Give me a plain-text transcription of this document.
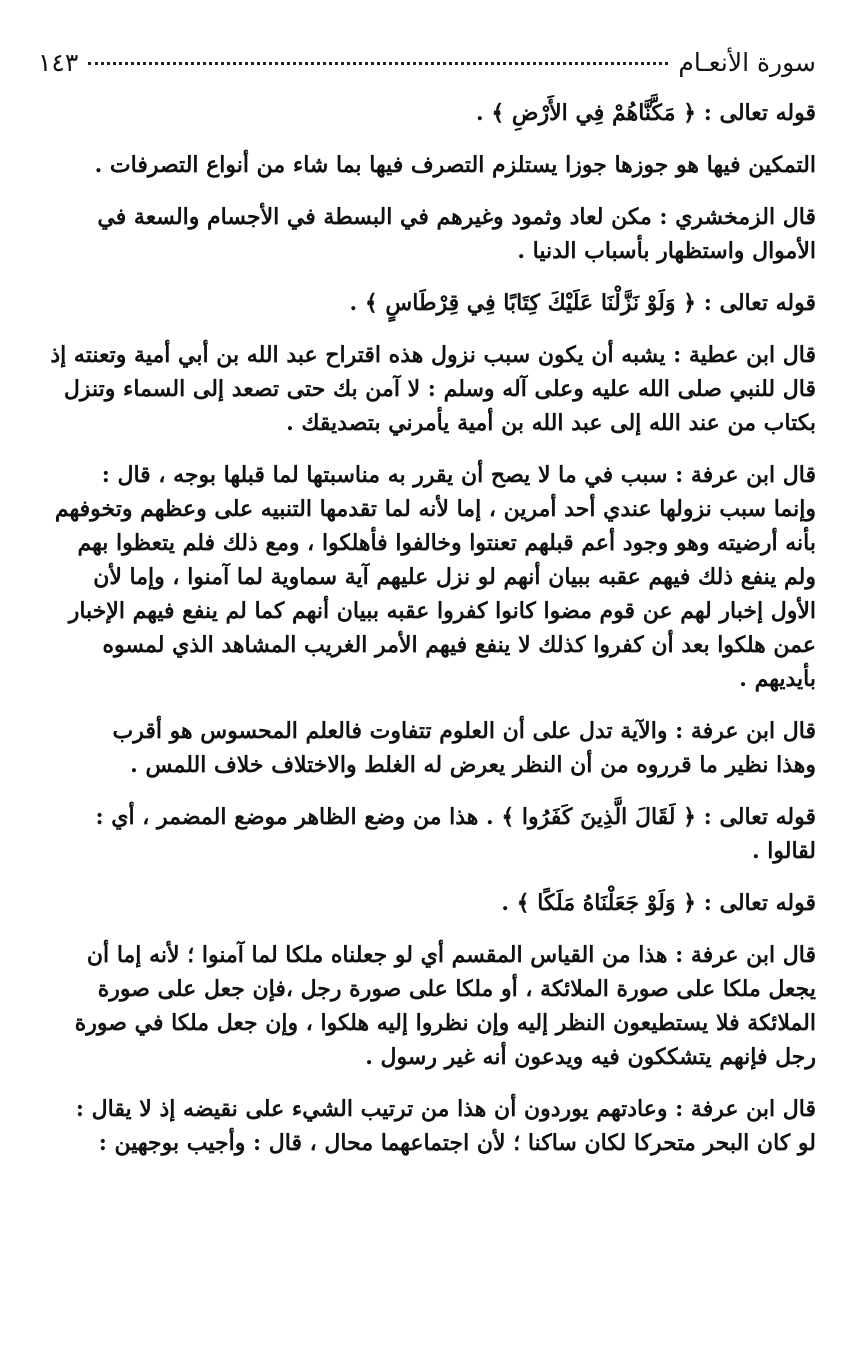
سورة الأنعـام
١٤٣
قوله تعالى : ﴿ مَكَّنَّاهُمْ فِي الأَرْضِ ﴾ .
التمكين فيها هو جوزها جوزا يستلزم التصرف فيها بما شاء من أنواع التصرفات .
قال الزمخشري : مكن لعاد وثمود وغيرهم في البسطة في الأجسام والسعة في
الأموال واستظهار بأسباب الدنيا .
قوله تعالى : ﴿ وَلَوْ نَزَّلْنَا عَلَيْكَ كِتَابًا فِي قِرْطَاسٍ ﴾ .
قال ابن عطية : يشبه أن يكون سبب نزول هذه اقتراح عبد الله بن أبي أمية وتعنته إذ
قال للنبي صلى الله عليه وعلى آله وسلم : لا آمن بك حتى تصعد إلى السماء وتنزل
بكتاب من عند الله إلى عبد الله بن أمية يأمرني بتصديقك .
قال ابن عرفة : سبب في ما لا يصح أن يقرر به مناسبتها لما قبلها بوجه ، قال :
وإنما سبب نزولها عندي أحد أمرين ، إما لأنه لما تقدمها التنبيه على وعظهم وتخوفهم
بأنه أرضيته وهو وجود أعم قبلهم تعنتوا وخالفوا فأهلكوا ، ومع ذلك فلم يتعظوا بهم
ولم ينفع ذلك فيهم عقبه ببيان أنهم لو نزل عليهم آية سماوية لما آمنوا ، وإما لأن
الأول إخبار لهم عن قوم مضوا كانوا كفروا عقبه ببيان أنهم كما لم ينفع فيهم الإخبار
عمن هلكوا بعد أن كفروا كذلك لا ينفع فيهم الأمر الغريب المشاهد الذي لمسوه
بأيديهم .
قال ابن عرفة : والآية تدل على أن العلوم تتفاوت فالعلم المحسوس هو أقرب
وهذا نظير ما قرروه من أن النظر يعرض له الغلط والاختلاف خلاف اللمس .
قوله تعالى : ﴿ لَقَالَ الَّذِينَ كَفَرُوا ﴾ . هذا من وضع الظاهر موضع المضمر ، أي :
لقالوا .
قوله تعالى : ﴿ وَلَوْ جَعَلْنَاهُ مَلَكًا ﴾ .
قال ابن عرفة : هذا من القياس المقسم أي لو جعلناه ملكا لما آمنوا ؛ لأنه إما أن
يجعل ملكا على صورة الملائكة ، أو ملكا على صورة رجل ،فإن جعل على صورة
الملائكة فلا يستطيعون النظر إليه وإن نظروا إليه هلكوا ، وإن جعل ملكا في صورة
رجل فإنهم يتشككون فيه ويدعون أنه غير رسول .
قال ابن عرفة : وعادتهم يوردون أن هذا من ترتيب الشيء على نقيضه إذ لا يقال :
لو كان البحر متحركا لكان ساكنا ؛ لأن اجتماعهما محال ، قال : وأجيب بوجهين :
